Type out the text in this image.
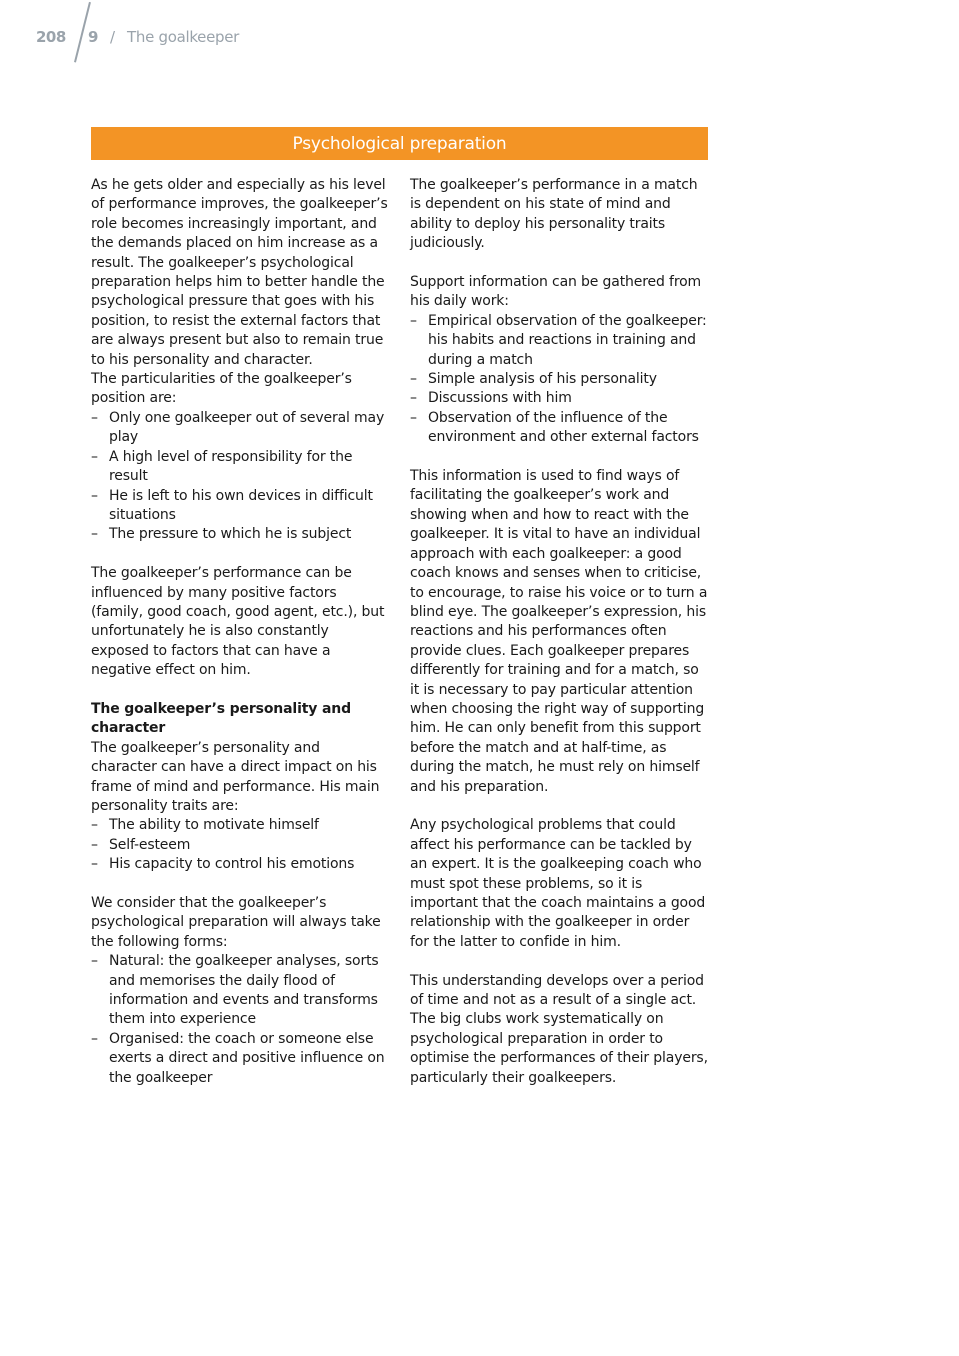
208 9 / The goalkeeper
Psychological preparation

As he gets older and especially as his level of performance improves, the goalkeeper’s role becomes increasingly important, and the demands placed on him increase as a result. The goalkeeper’s psychological preparation helps him to better handle the psychological pressure that goes with his position, to resist the external factors that are always present but also to remain true to his personality and character.

The particularities of the goalkeeper’s position are:

– Only one goalkeeper out of several may play
– A high level of responsibility for the result
– He is left to his own devices in difficult situations
– The pressure to which he is subject

The goalkeeper’s performance can be influenced by many positive factors (family, good coach, good agent, etc.), but unfortunately he is also constantly exposed to factors that can have a negative effect on him.

The goalkeeper’s personality and character

The goalkeeper’s personality and character can have a direct impact on his frame of mind and performance. His main personality traits are:

– The ability to motivate himself
– Self-esteem
– His capacity to control his emotions

We consider that the goalkeeper’s psychological preparation will always take the following forms:

– Natural: the goalkeeper analyses, sorts and memorises the daily flood of information and events and transforms them into experience
– Organised: the coach or someone else exerts a direct and positive influence on the goalkeeper

The goalkeeper’s performance in a match is dependent on his state of mind and ability to deploy his personality traits judiciously.

Support information can be gathered from his daily work:

– Empirical observation of the goalkeeper: his habits and reactions in training and during a match
– Simple analysis of his personality
– Discussions with him
– Observation of the influence of the environment and other external factors

This information is used to find ways of facilitating the goalkeeper’s work and showing when and how to react with the goalkeeper. It is vital to have an individual approach with each goalkeeper: a good coach knows and senses when to criticise, to encourage, to raise his voice or to turn a blind eye. The goalkeeper’s expression, his reactions and his performances often provide clues. Each goalkeeper prepares differently for training and for a match, so it is necessary to pay particular attention when choosing the right way of supporting him. He can only benefit from this support before the match and at half-time, as during the match, he must rely on himself and his preparation.

Any psychological problems that could affect his performance can be tackled by an expert. It is the goalkeeping coach who must spot these problems, so it is important that the coach maintains a good relationship with the goalkeeper in order for the latter to confide in him.

This understanding develops over a period of time and not as a result of a single act. The big clubs work systematically on psychological preparation in order to optimise the performances of their players, particularly their goalkeepers.
